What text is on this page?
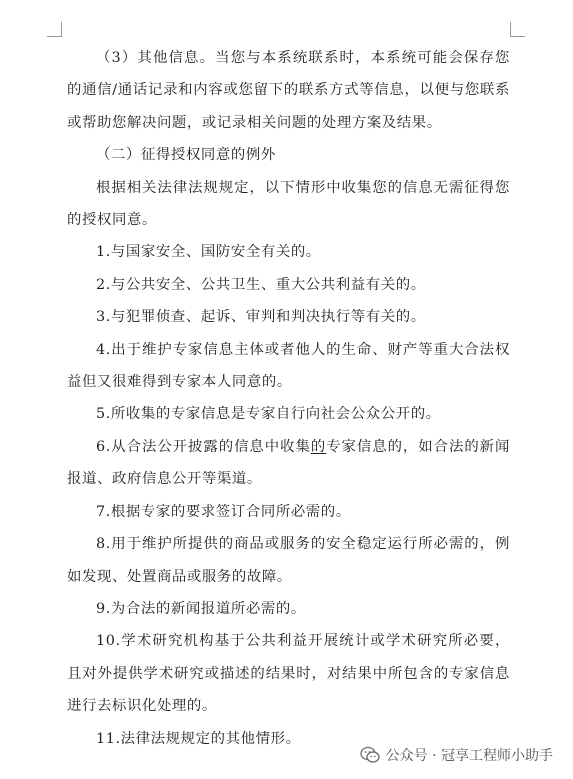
（3）其他信息。当您与本系统联系时，本系统可能会保存您的通信/通话记录和内容或您留下的联系方式等信息，以便与您联系或帮助您解决问题，或记录相关问题的处理方案及结果。

（二）征得授权同意的例外

根据相关法律法规规定，以下情形中收集您的信息无需征得您的授权同意。

1.与国家安全、国防安全有关的。

2.与公共安全、公共卫生、重大公共利益有关的。

3.与犯罪侦查、起诉、审判和判决执行等有关的。

4.出于维护专家信息主体或者他人的生命、财产等重大合法权益但又很难得到专家本人同意的。

5.所收集的专家信息是专家自行向社会公众公开的。

6.从合法公开披露的信息中收集的专家信息的，如合法的新闻报道、政府信息公开等渠道。

7.根据专家的要求签订合同所必需的。

8.用于维护所提供的商品或服务的安全稳定运行所必需的，例如发现、处置商品或服务的故障。

9.为合法的新闻报道所必需的。

10.学术研究机构基于公共利益开展统计或学术研究所必要，且对外提供学术研究或描述的结果时，对结果中所包含的专家信息进行去标识化处理的。

11.法律法规规定的其他情形。

公众号 · 冠享工程师小助手
